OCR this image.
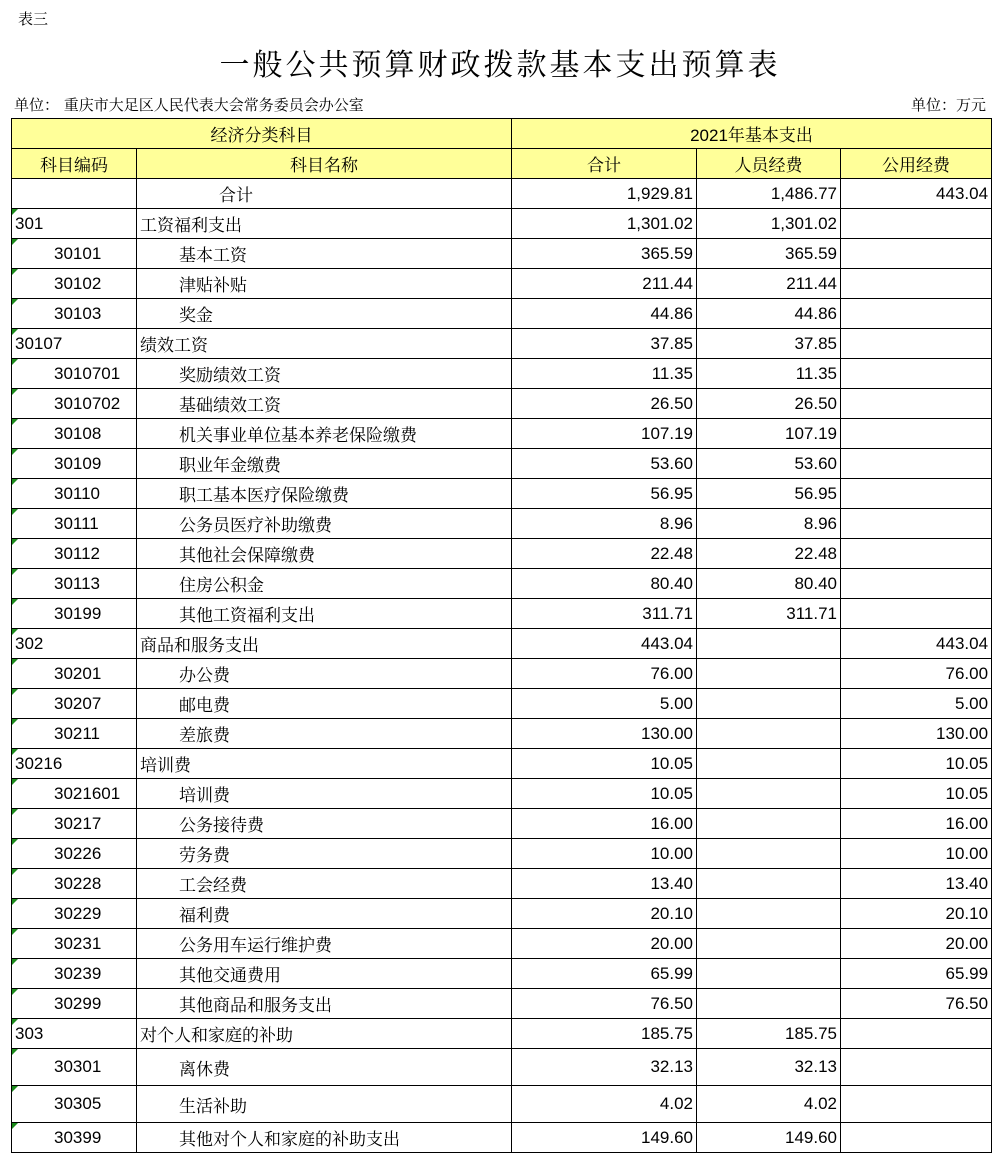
表三
一般公共预算财政拨款基本支出预算表
单位： 重庆市大足区人民代表大会常务委员会办公室	单位：万元
经济分类科目		2021年基本支出		
科目编码	科目名称	合计	人员经费	公用经费
	合计	1,929.81	1,486.77	443.04

301	工资福利支出	1,301.02	1,301.02	

30101	基本工资	365.59	365.59	

30102	津贴补贴	211.44	211.44	

30103	奖金	44.86	44.86	

30107	绩效工资	37.85	37.85	

3010701	奖励绩效工资	11.35	11.35	

3010702	基础绩效工资	26.50	26.50	

30108	机关事业单位基本养老保险缴费	107.19	107.19	

30109	职业年金缴费	53.60	53.60	

30110	职工基本医疗保险缴费	56.95	56.95	

30111	公务员医疗补助缴费	8.96	8.96	

30112	其他社会保障缴费	22.48	22.48	

30113	住房公积金	80.40	80.40	

30199	其他工资福利支出	311.71	311.71	

302	商品和服务支出	443.04		443.04

30201	办公费	76.00		76.00

30207	邮电费	5.00		5.00

30211	差旅费	130.00		130.00

30216	培训费	10.05		10.05

3021601	培训费	10.05		10.05

30217	公务接待费	16.00		16.00

30226	劳务费	10.00		10.00

30228	工会经费	13.40		13.40

30229	福利费	20.10		20.10

30231	公务用车运行维护费	20.00		20.00

30239	其他交通费用	65.99		65.99

30299	其他商品和服务支出	76.50		76.50

303	对个人和家庭的补助	185.75	185.75	

30301	离休费	32.13	32.13	

30305	生活补助	4.02	4.02	

30399	其他对个人和家庭的补助支出	149.60	149.60	
